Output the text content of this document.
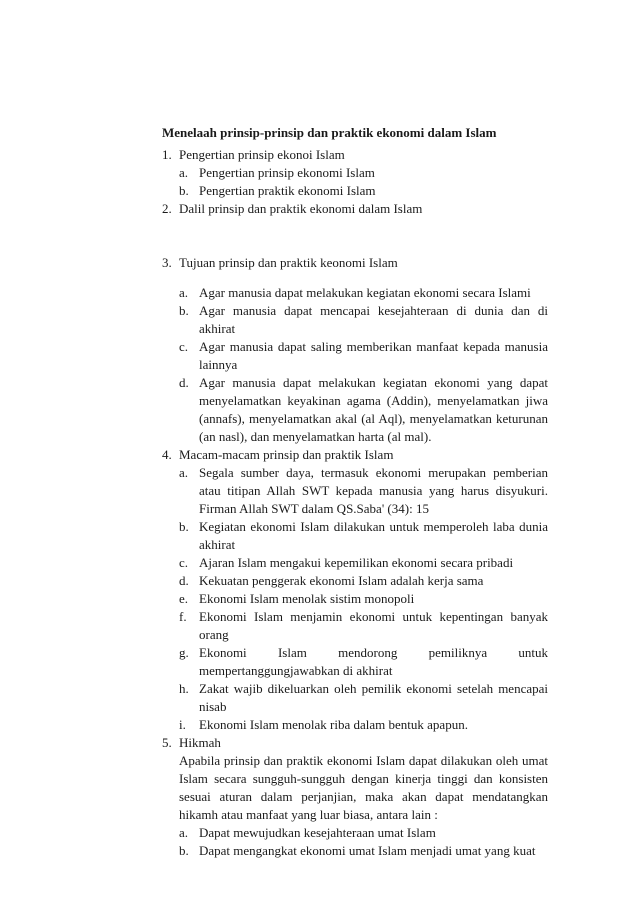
Menelaah prinsip-prinsip dan praktik ekonomi dalam Islam

1. Pengertian prinsip ekonoi Islam

a. Pengertian prinsip ekonomi Islam

b. Pengertian praktik ekonomi Islam

2. Dalil prinsip dan praktik ekonomi dalam Islam

3. Tujuan prinsip dan praktik keonomi Islam

a. Agar manusia dapat melakukan kegiatan ekonomi secara Islami

b. Agar manusia dapat mencapai kesejahteraan di dunia dan di akhirat

c. Agar manusia dapat saling memberikan manfaat kepada manusia lainnya

d. Agar manusia dapat melakukan kegiatan ekonomi yang dapat menyelamatkan keyakinan agama (Addin), menyelamatkan jiwa (annafs), menyelamatkan akal (al Aql), menyelamatkan keturunan (an nasl), dan menyelamatkan harta (al mal).

4. Macam-macam prinsip dan praktik Islam

a. Segala sumber daya, termasuk ekonomi merupakan pemberian atau titipan Allah SWT kepada manusia yang harus disyukuri. Firman Allah SWT dalam QS.Saba' (34): 15

b. Kegiatan ekonomi Islam dilakukan untuk memperoleh laba dunia akhirat

c. Ajaran Islam mengakui kepemilikan ekonomi secara pribadi

d. Kekuatan penggerak ekonomi Islam adalah kerja sama

e. Ekonomi Islam menolak sistim monopoli

f. Ekonomi Islam menjamin ekonomi untuk kepentingan banyak orang

g. Ekonomi Islam mendorong pemiliknya untuk mempertanggungjawabkan di akhirat

h. Zakat wajib dikeluarkan oleh pemilik ekonomi setelah mencapai nisab

i. Ekonomi Islam menolak riba dalam bentuk apapun.

5. Hikmah

Apabila prinsip dan praktik ekonomi Islam dapat dilakukan oleh umat Islam secara sungguh-sungguh dengan kinerja tinggi dan konsisten sesuai aturan dalam perjanjian, maka akan dapat mendatangkan hikamh atau manfaat yang luar biasa, antara lain :

a. Dapat mewujudkan kesejahteraan umat Islam

b. Dapat mengangkat ekonomi umat Islam menjadi umat yang kuat
